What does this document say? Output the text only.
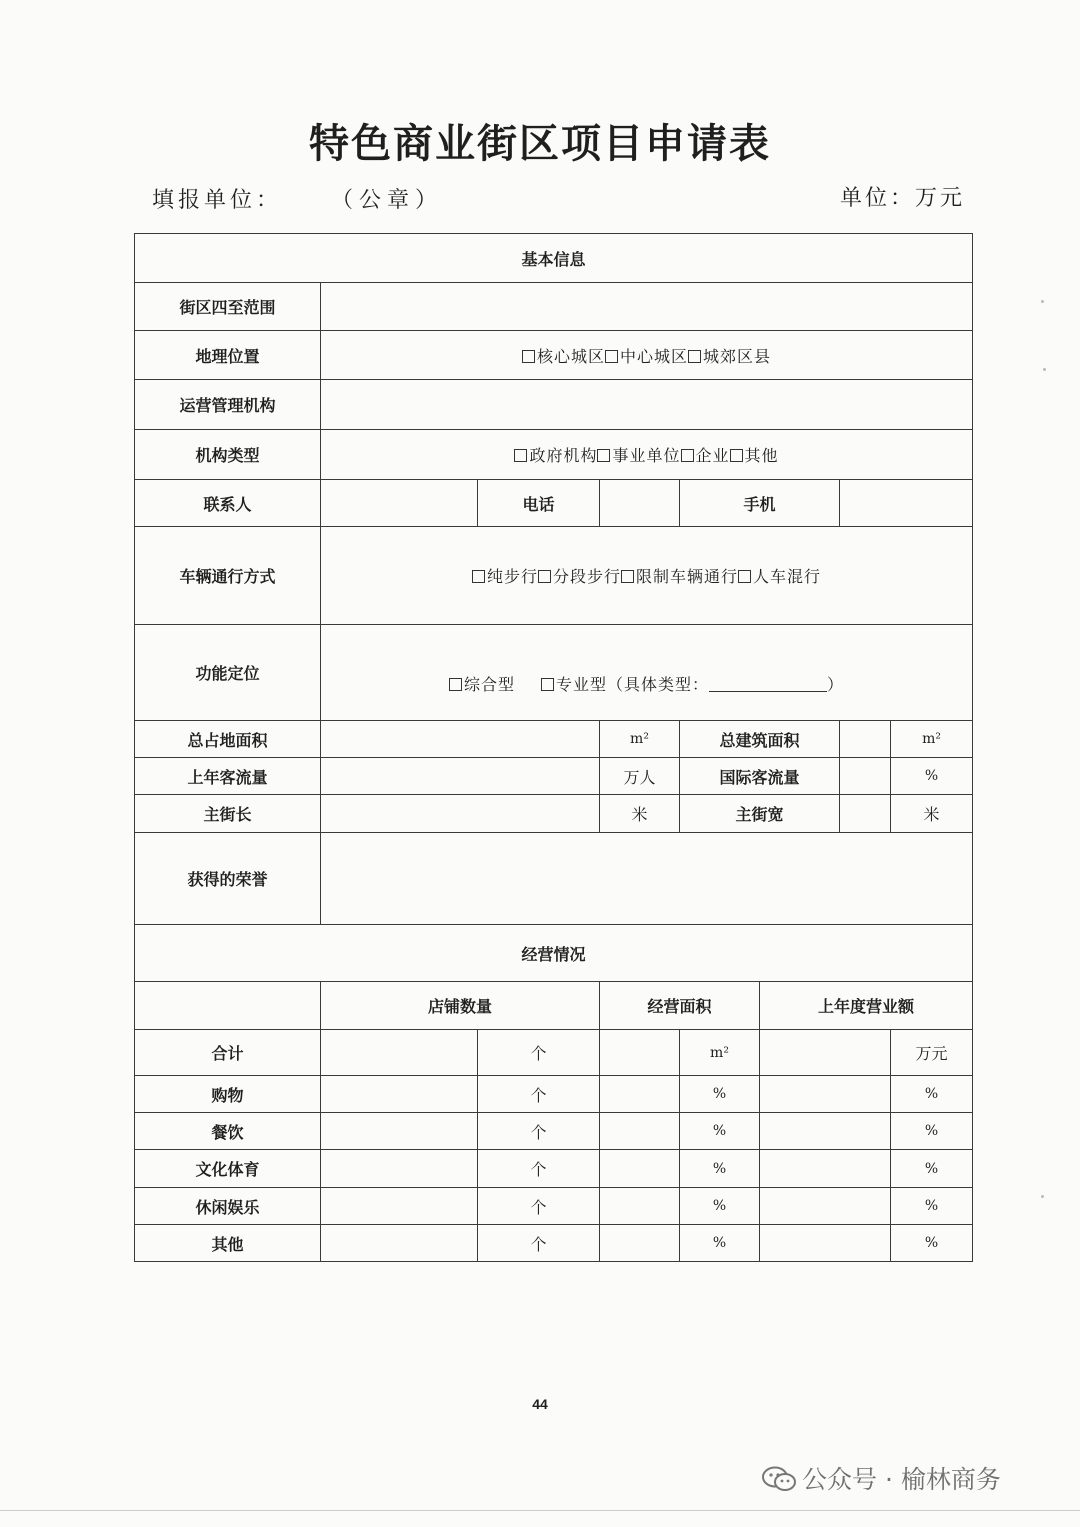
特色商业街区项目申请表
填报单位：	（公章）	单位：万元
基本信息							
街区四至范围							
地理位置	核心城区 中心城区 城郊区县						
运营管理机构							
机构类型	政府机构 事业单位 企业 其他						
联系人		电话		手机			
车辆通行方式	纯步行 分段步行 限制车辆通行 人车混行						
功能定位	综合型 专业型（具体类型： ）						
总占地面积			m²	总建筑面积			m²
上年客流量			万人	国际客流量			%
主街长			米	主街宽			米
获得的荣誉							
经营情况							
	店铺数量		经营面积		上年度营业额		
合计		个		m²			万元
购物		个		%			%
餐饮		个		%			%
文化体育		个		%			%
休闲娱乐		个		%			%
其他		个		%			%
44
公众号 · 榆林商务
